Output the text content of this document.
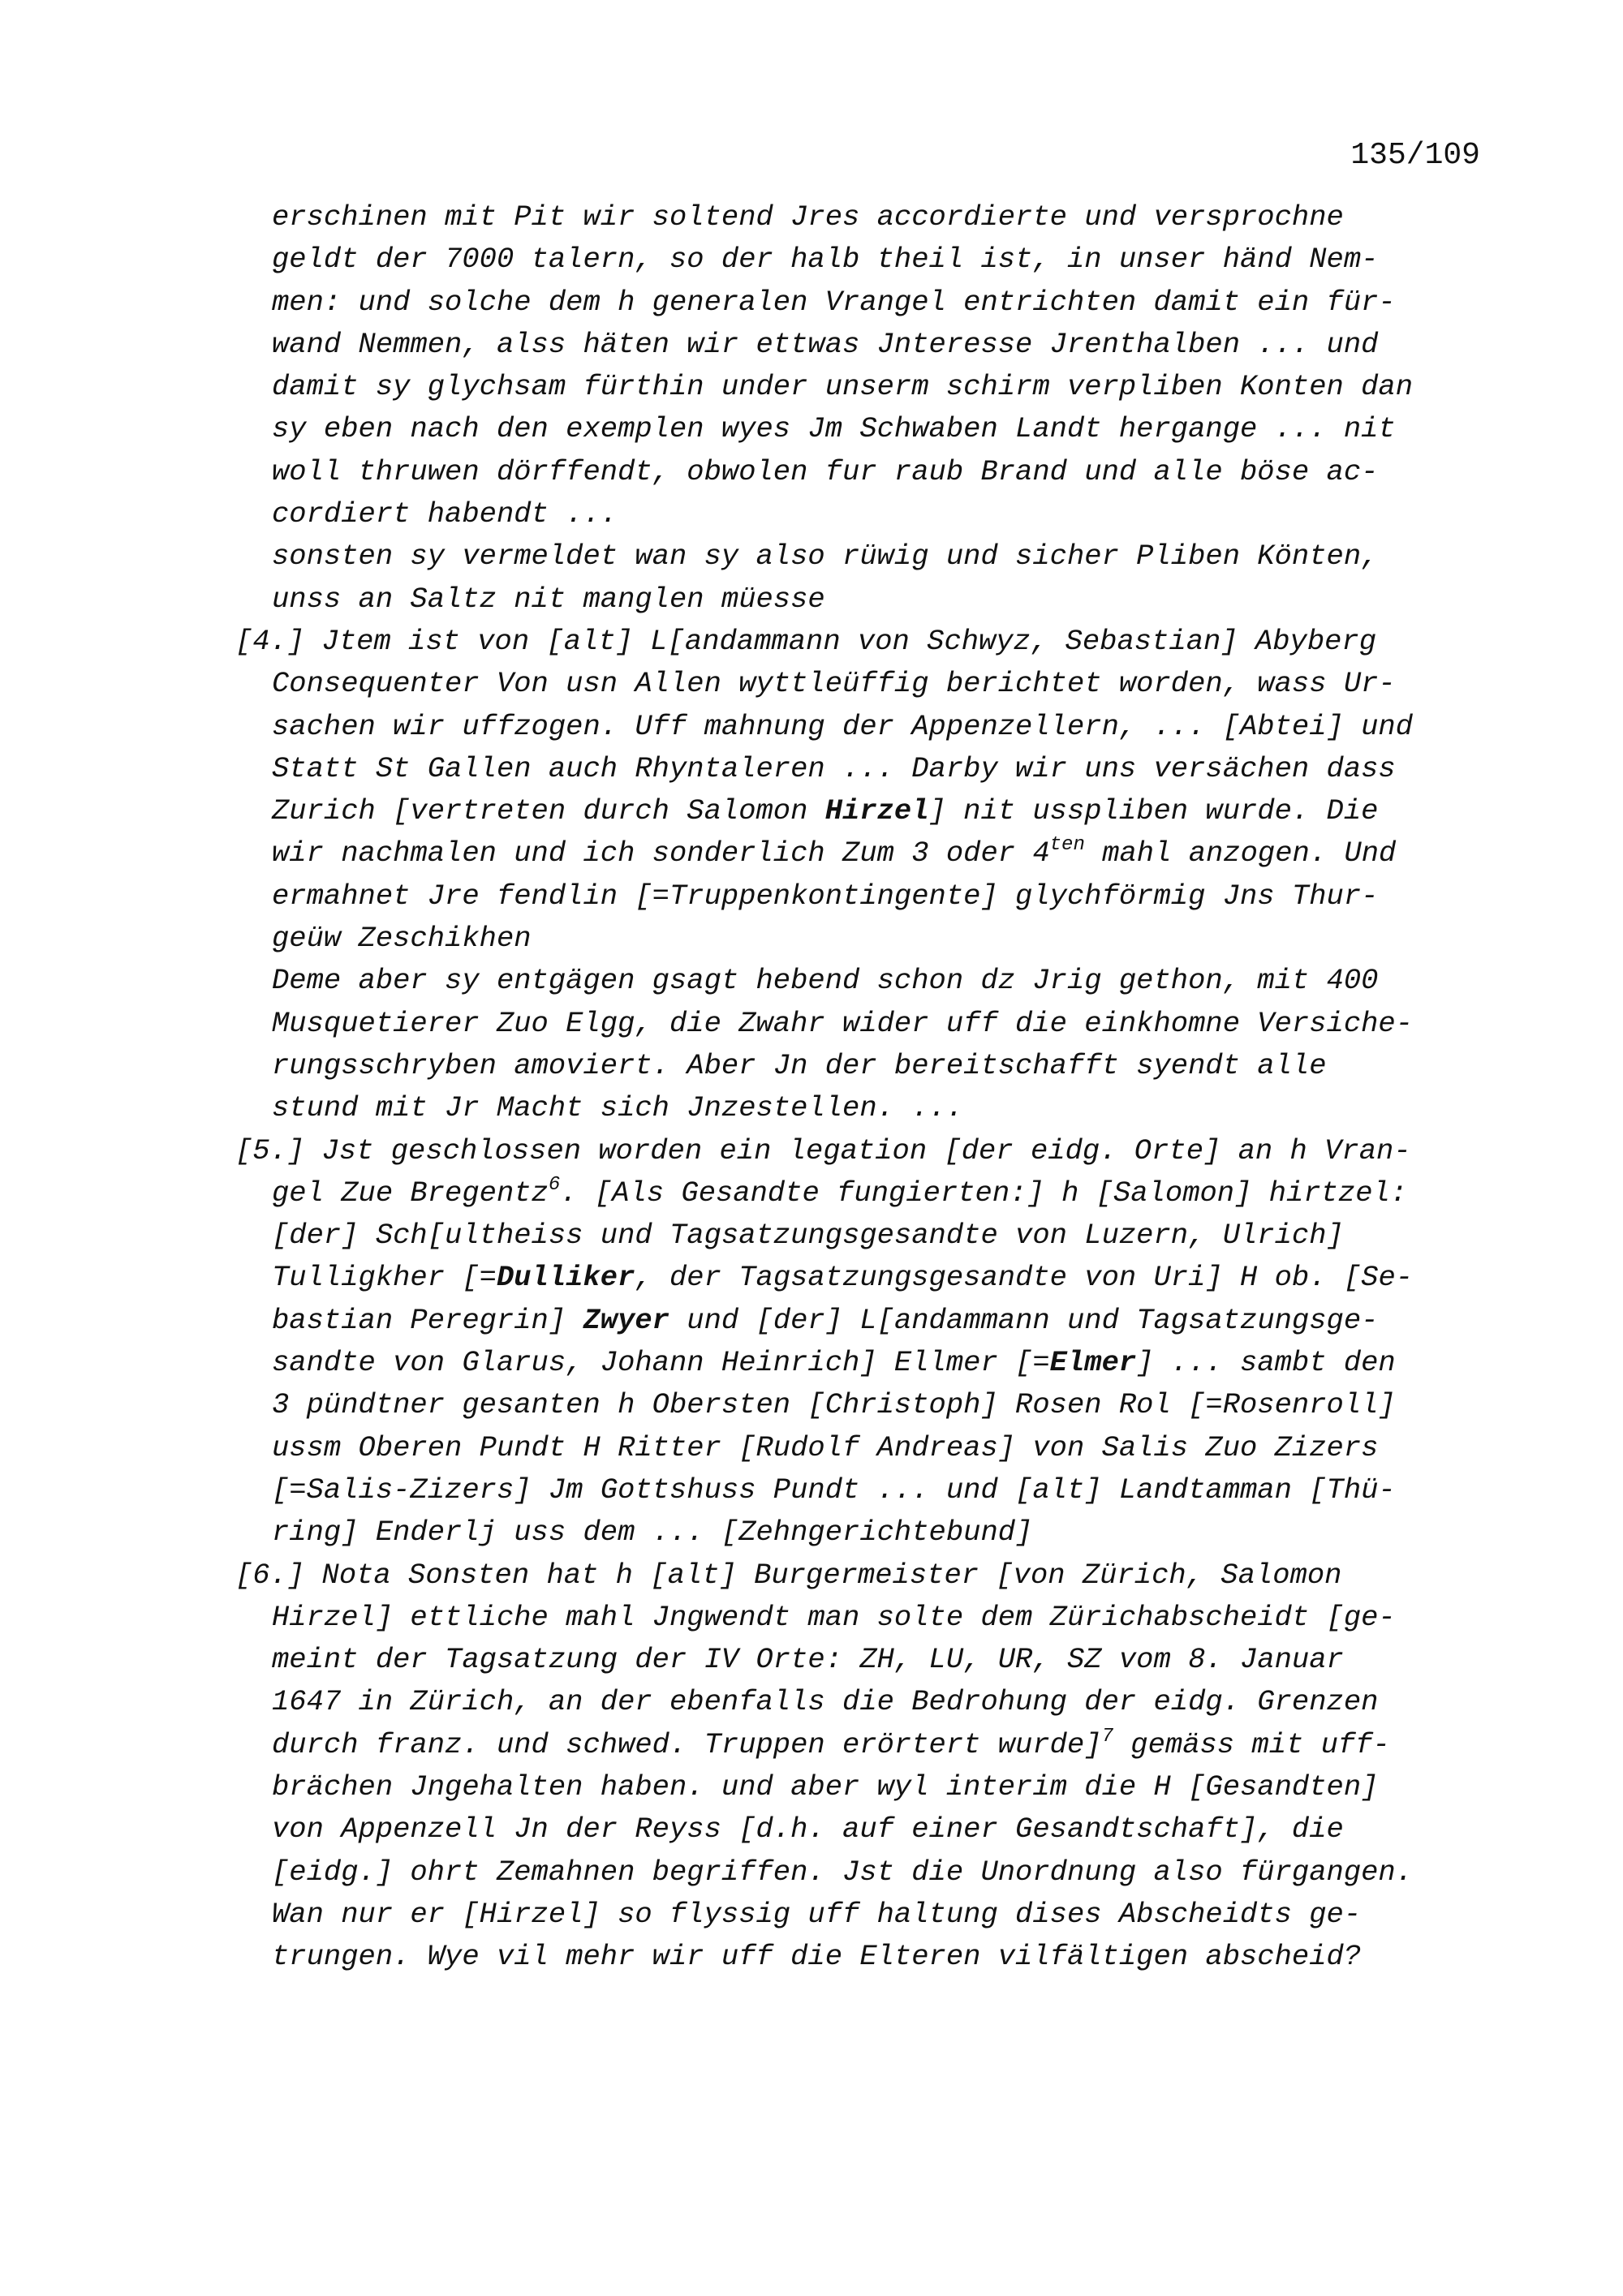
135/109
erschinen mit Pit wir soltend Jres accordierte und versprochne
geldt der 7000 talern, so der halb theil ist, in unser händ Nem-
men: und solche dem h generalen Vrangel entrichten damit ein für-
wand Nemmen, alss häten wir ettwas Jnteresse Jrenthalben ... und
damit sy glychsam fürthin under unserm schirm verpliben Konten dan
sy eben nach den exemplen wyes Jm Schwaben Landt hergange ... nit
woll thruwen dörffendt, obwolen fur raub Brand und alle böse ac-
cordiert habendt ...
sonsten sy vermeldet wan sy also rüwig und sicher Pliben Könten,
unss an Saltz nit manglen müesse
[4.] Jtem ist von [alt] L[andammann von Schwyz, Sebastian] Abyberg
Consequenter Von usn Allen wyttleüffig berichtet worden, wass Ur-
sachen wir uffzogen. Uff mahnung der Appenzellern, ... [Abtei] und
Statt St Gallen auch Rhyntaleren ... Darby wir uns versächen dass
Zurich [vertreten durch Salomon Hirzel] nit usspliben wurde. Die
wir nachmalen und ich sonderlich Zum 3 oder $4^{ten}$ mahl anzogen. Und
ermahnet Jre fendlin [=Truppenkontingente] glychförmig Jns Thur-
geüw Zeschikhen
Deme aber sy entgägen gsagt hebend schon dz Jrig gethon, mit 400
Musquetierer Zuo Elgg, die Zwahr wider uff die einkhomne Versiche-
rungsschryben amoviert. Aber Jn der bereitschafft syendt alle
stund mit Jr Macht sich Jnzestellen. ...
[5.] Jst geschlossen worden ein legation [der eidg. Orte] an h Vran-
gel Zue Bregentz$^6$. [Als Gesandte fungierten:] h [Salomon] hirtzel:
[der] Sch[ultheiss und Tagsatzungsgesandte von Luzern, Ulrich]
Tulligkher [=Dulliker, der Tagsatzungsgesandte von Uri] H ob. [Se-
bastian Peregrin] Zwyer und [der] L[andammann und Tagsatzungsge-
sandte von Glarus, Johann Heinrich] Ellmer [=Elmer] ... sambt den
3 pündtner gesanten h Obersten [Christoph] Rosen Rol [=Rosenroll]
ussm Oberen Pundt H Ritter [Rudolf Andreas] von Salis Zuo Zizers
[=Salis-Zizers] Jm Gottshuss Pundt ... und [alt] Landtamman [Thü-
ring] Enderlj uss dem ... [Zehngerichtebund]
[6.] Nota Sonsten hat h [alt] Burgermeister [von Zürich, Salomon
Hirzel] ettliche mahl Jngwendt man solte dem Zürichabscheidt [ge-
meint der Tagsatzung der IV Orte: ZH, LU, UR, SZ vom 8. Januar
1647 in Zürich, an der ebenfalls die Bedrohung der eidg. Grenzen
durch franz. und schwed. Truppen erörtert wurde]$^7$ gemäss mit uff-
brächen Jngehalten haben. und aber wyl interim die H [Gesandten]
von Appenzell Jn der Reyss [d.h. auf einer Gesandtschaft], die
[eidg.] ohrt Zemahnen begriffen. Jst die Unordnung also fürgangen.
Wan nur er [Hirzel] so flyssig uff haltung dises Abscheidts ge-
trungen. Wye vil mehr wir uff die Elteren vilfältigen abscheid?
